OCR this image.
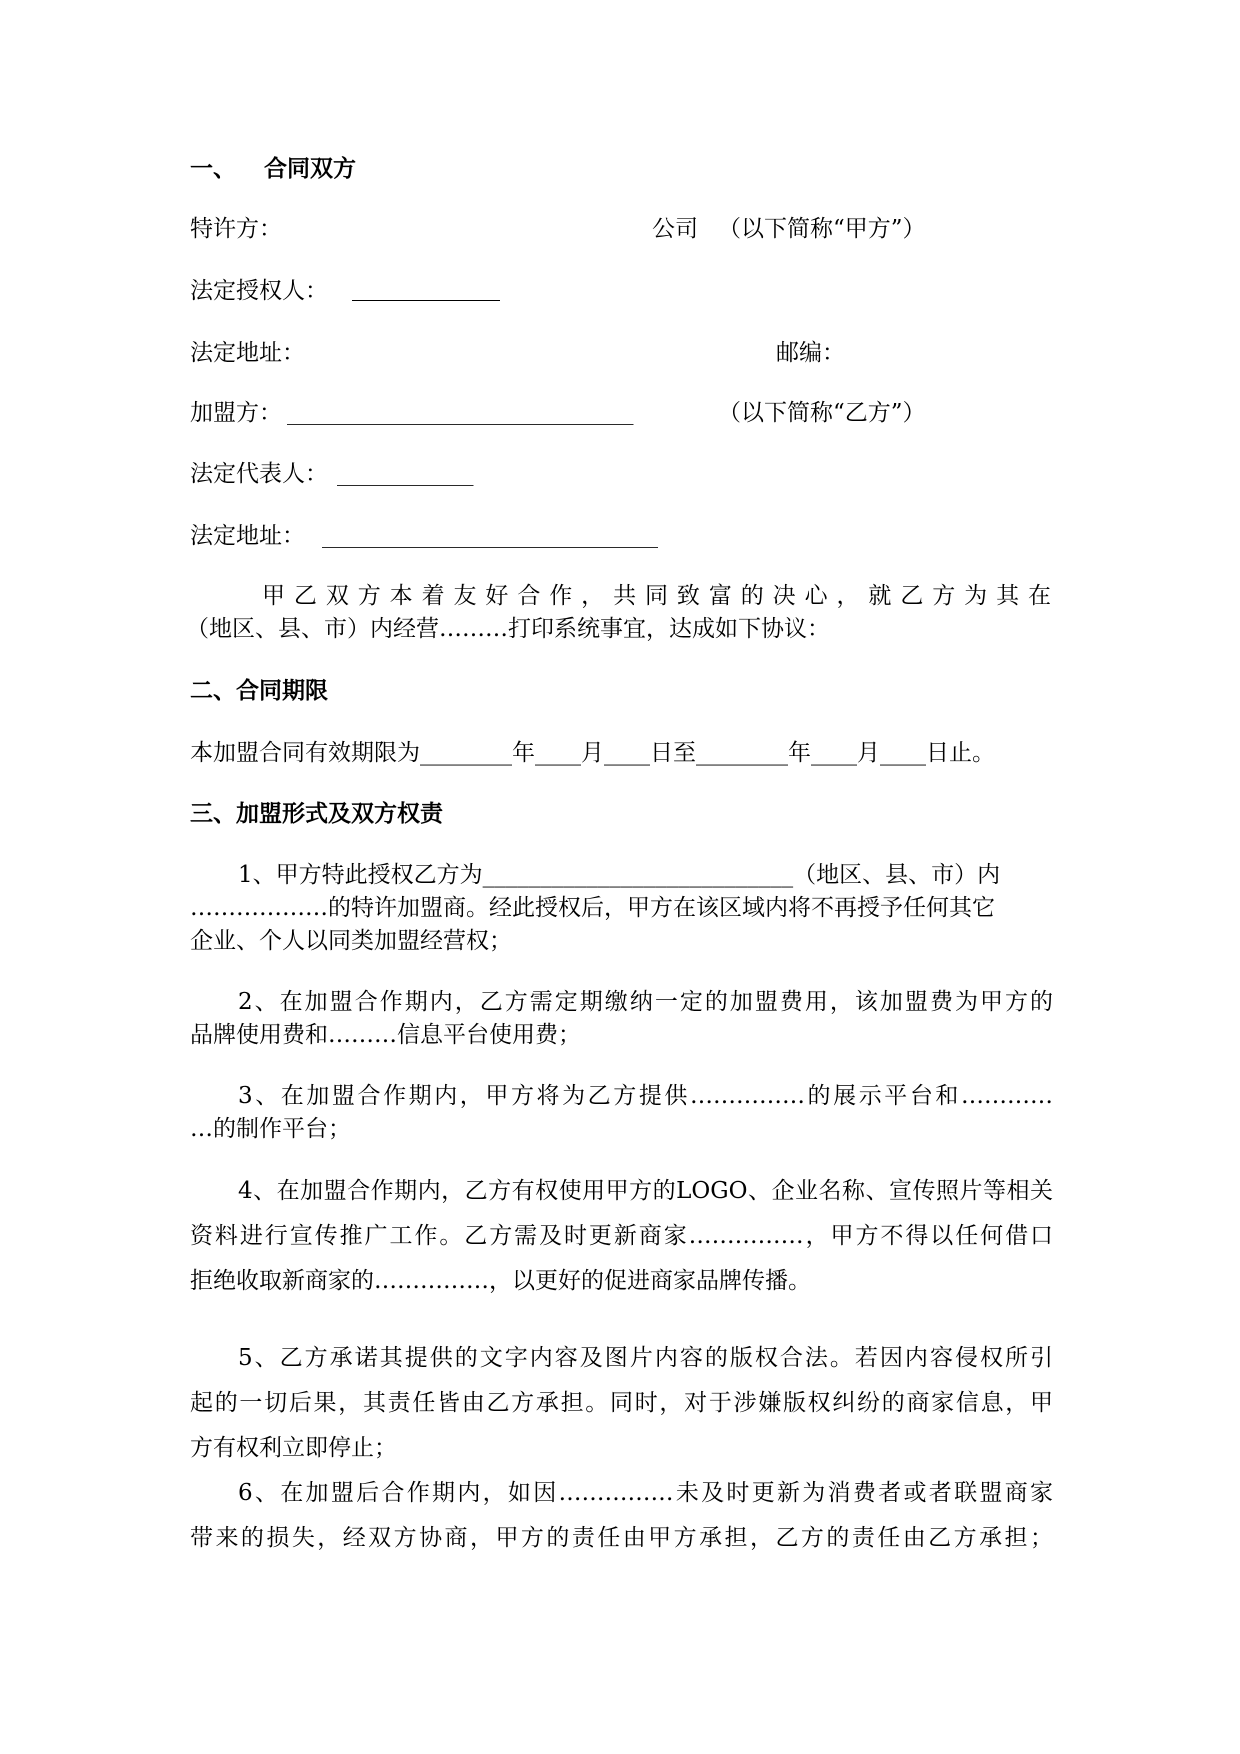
一、 合同双方
特许方：	公司 （以下简称“甲方”）
法定授权人：
法定地址：	邮编：
加盟方： _________________________________	（以下简称“乙方”）
法定代表人： _____________
法定地址： ________________________________
甲乙双方本着友好合作，共同致富的决心，就乙方为其在
（地区、县、市）内经营………打印系统事宜，达成如下协议：
二、合同期限
本加盟合同有效期限为________年____月____日至________年____月____日止。
三、加盟形式及双方权责
1、甲方特此授权乙方为___________________________（地区、县、市）内
………………的特许加盟商。经此授权后，甲方在该区域内将不再授予任何其它
企业、个人以同类加盟经营权；
2、在加盟合作期内，乙方需定期缴纳一定的加盟费用，该加盟费为甲方的
品牌使用费和………信息平台使用费；
3、在加盟合作期内，甲方将为乙方提供……………的展示平台和…………
…的制作平台；
4、在加盟合作期内，乙方有权使用甲方的LOGO、企业名称、宣传照片等相关
资料进行宣传推广工作。乙方需及时更新商家……………，甲方不得以任何借口
拒绝收取新商家的……………，以更好的促进商家品牌传播。
5、乙方承诺其提供的文字内容及图片内容的版权合法。若因内容侵权所引
起的一切后果，其责任皆由乙方承担。同时，对于涉嫌版权纠纷的商家信息，甲
方有权利立即停止；
6、在加盟后合作期内，如因……………未及时更新为消费者或者联盟商家
带来的损失，经双方协商，甲方的责任由甲方承担，乙方的责任由乙方承担；
